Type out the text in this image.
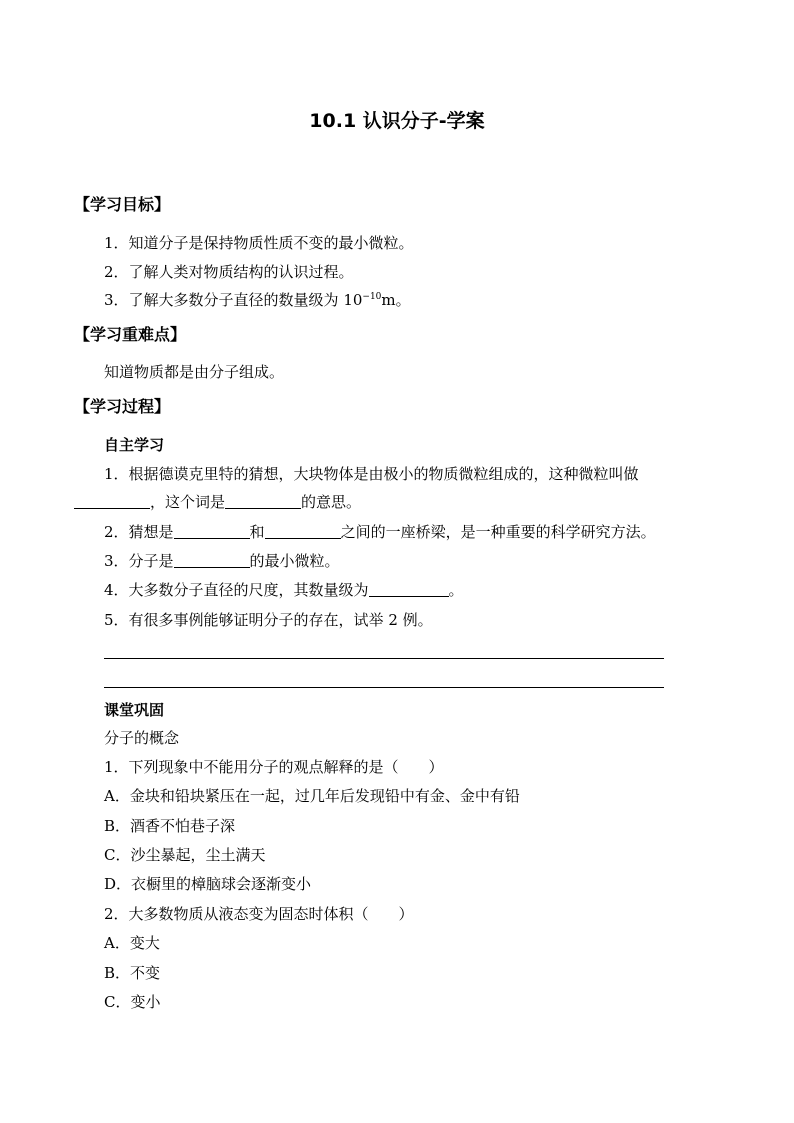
10.1 认识分子-学案
【学习目标】
1．知道分子是保持物质性质不变的最小微粒。
2．了解人类对物质结构的认识过程。
3．了解大多数分子直径的数量级为 $10^{-10}m$。
【学习重难点】
知道物质都是由分子组成。
【学习过程】
自主学习
1．根据德谟克里特的猜想，大块物体是由极小的物质微粒组成的，这种微粒叫做
，这个词是	的意思。
2．猜想是	和	之间的一座桥梁，是一种重要的科学研究方法。
3．分子是	的最小微粒。
4．大多数分子直径的尺度，其数量级为	。
5．有很多事例能够证明分子的存在，试举 2 例。
课堂巩固
分子的概念
1．下列现象中不能用分子的观点解释的是（　　）
A．金块和铅块紧压在一起，过几年后发现铅中有金、金中有铅
B．酒香不怕巷子深
C．沙尘暴起，尘土满天
D．衣橱里的樟脑球会逐渐变小
2．大多数物质从液态变为固态时体积（　　）
A．变大
B．不变
C．变小
